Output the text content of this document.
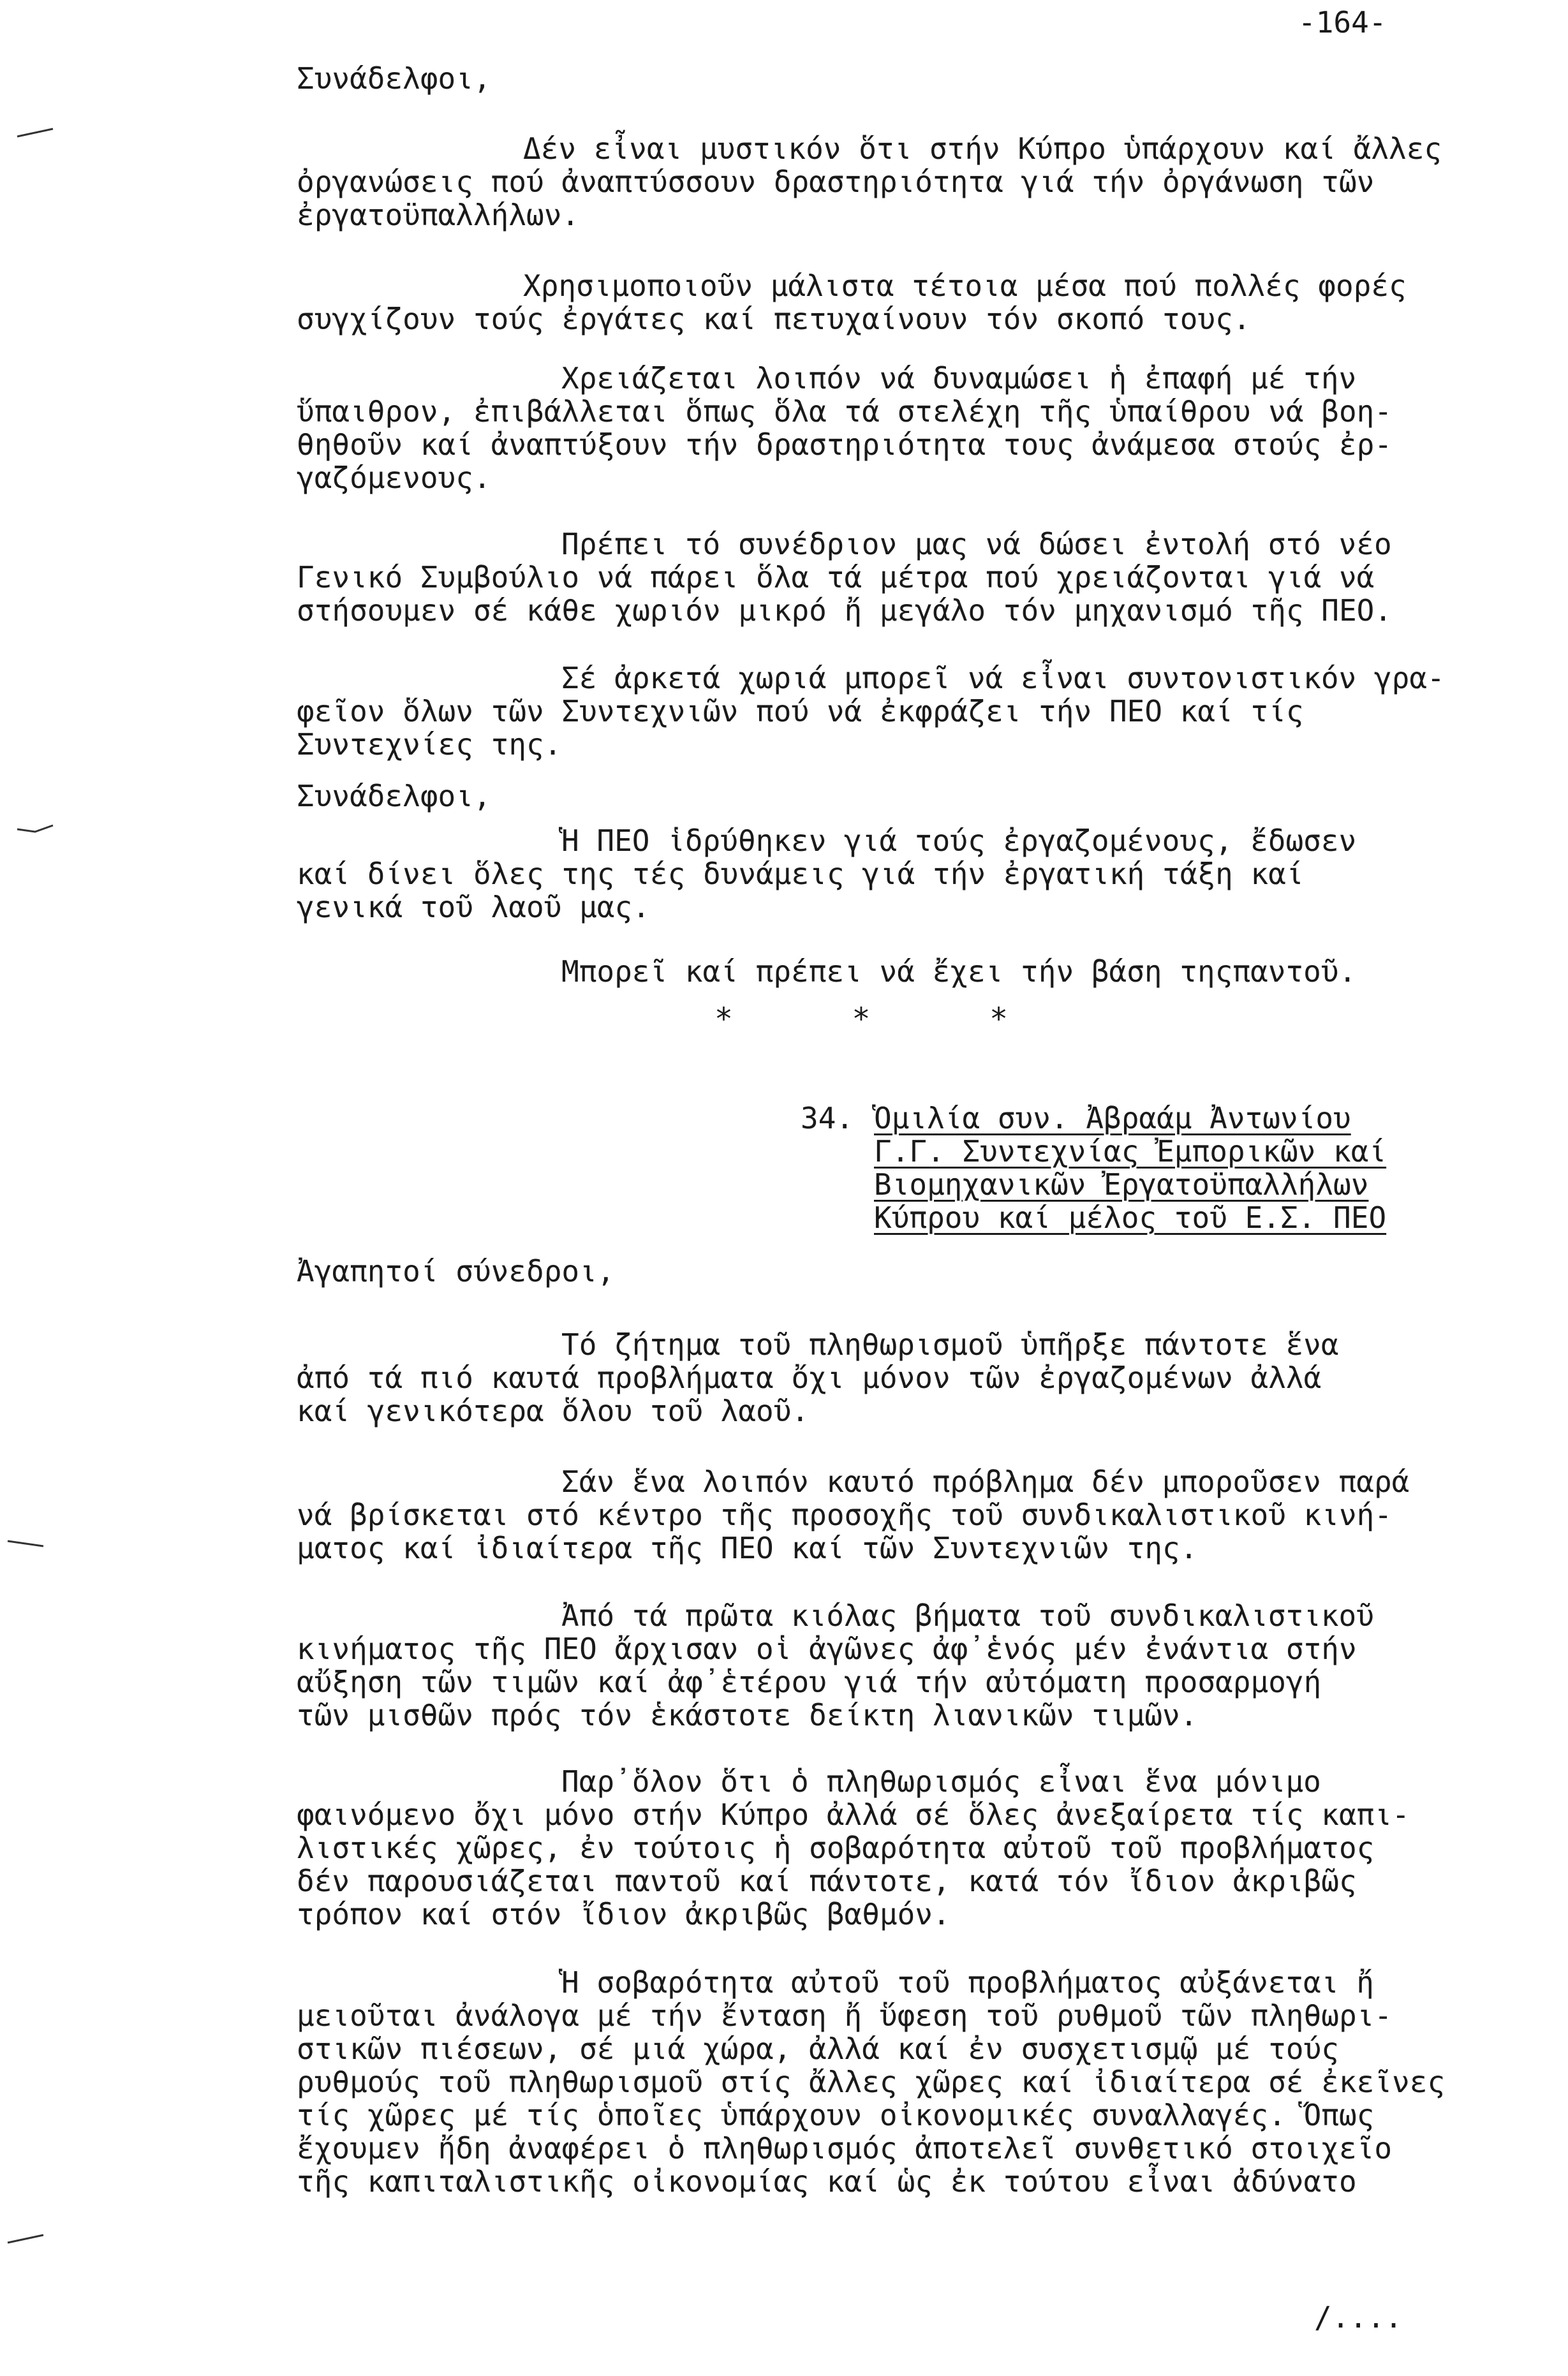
-164-
Συνάδελφοι,
Δέν εἶναι μυστικόν ὅτι στήν Κύπρο ὑπάρχουν καί ἄλλες
ὀργανώσεις πού ἀναπτύσσουν δραστηριότητα γιά τήν ὀργάνωση τῶν
ἐργατοϋπαλλήλων.
Χρησιμοποιοῦν μάλιστα τέτοια μέσα πού πολλές φορές
συγχίζουν τούς ἐργάτες καί πετυχαίνουν τόν σκοπό τους.
Χρειάζεται λοιπόν νά δυναμώσει ἡ ἐπαφή μέ τήν
ὕπαιθρον, ἐπιβάλλεται ὅπως ὅλα τά στελέχη τῆς ὑπαίθρου νά βοη-
θηθοῦν καί ἀναπτύξουν τήν δραστηριότητα τους ἀνάμεσα στούς ἐρ-
γαζόμενους.
Πρέπει τό συνέδριον μας νά δώσει ἐντολή στό νέο
Γενικό Συμβούλιο νά πάρει ὅλα τά μέτρα πού χρειάζονται γιά νά
στήσουμεν σέ κάθε χωριόν μικρό ἤ μεγάλο τόν μηχανισμό τῆς ΠΕΟ.
Σέ ἀρκετά χωριά μπορεῖ νά εἶναι συντονιστικόν γρα-
φεῖον ὅλων τῶν Συντεχνιῶν πού νά ἐκφράζει τήν ΠΕΟ καί τίς
Συντεχνίες της.
Συνάδελφοι,
Ἡ ΠΕΟ ἱδρύθηκεν γιά τούς ἐργαζομένους, ἔδωσεν
καί δίνει ὅλες της τές δυνάμεις γιά τήν ἐργατική τάξη καί
γενικά τοῦ λαοῦ μας.
Μπορεῖ καί πρέπει νά ἔχει τήν βάση τηςπαντοῦ.
34. Ὁμιλία συν. Ἀβραάμ Ἀντωνίου
Γ.Γ. Συντεχνίας Ἐμπορικῶν καί
Βιομηχανικῶν Ἐργατοϋπαλλήλων
Κύπρου καί μέλος τοῦ Ε.Σ. ΠΕΟ
Ἀγαπητοί σύνεδροι,
Τό ζήτημα τοῦ πληθωρισμοῦ ὑπῆρξε πάντοτε ἕνα
ἀπό τά πιό καυτά προβλήματα ὄχι μόνον τῶν ἐργαζομένων ἀλλά
καί γενικότερα ὅλου τοῦ λαοῦ.
Σάν ἕνα λοιπόν καυτό πρόβλημα δέν μποροῦσεν παρά
νά βρίσκεται στό κέντρο τῆς προσοχῆς τοῦ συνδικαλιστικοῦ κινή-
ματος καί ἰδιαίτερα τῆς ΠΕΟ καί τῶν Συντεχνιῶν της.
Ἀπό τά πρῶτα κιόλας βήματα τοῦ συνδικαλιστικοῦ
κινήματος τῆς ΠΕΟ ἄρχισαν οἱ ἀγῶνες ἀφ᾽ἑνός μέν ἐνάντια στήν
αὔξηση τῶν τιμῶν καί ἀφ᾽ἑτέρου γιά τήν αὐτόματη προσαρμογή
τῶν μισθῶν πρός τόν ἑκάστοτε δείκτη λιανικῶν τιμῶν.
Παρ᾽ὅλον ὅτι ὁ πληθωρισμός εἶναι ἕνα μόνιμο
φαινόμενο ὄχι μόνο στήν Κύπρο ἀλλά σέ ὅλες ἀνεξαίρετα τίς καπι-
λιστικές χῶρες, ἐν τούτοις ἡ σοβαρότητα αὐτοῦ τοῦ προβλήματος
δέν παρουσιάζεται παντοῦ καί πάντοτε, κατά τόν ἴδιον ἀκριβῶς
τρόπον καί στόν ἴδιον ἀκριβῶς βαθμόν.
Ἡ σοβαρότητα αὐτοῦ τοῦ προβλήματος αὐξάνεται ἤ
μειοῦται ἀνάλογα μέ τήν ἔνταση ἤ ὕφεση τοῦ ρυθμοῦ τῶν πληθωρι-
στικῶν πιέσεων, σέ μιά χώρα, ἀλλά καί ἐν συσχετισμῷ μέ τούς
ρυθμούς τοῦ πληθωρισμοῦ στίς ἄλλες χῶρες καί ἰδιαίτερα σέ ἐκεῖνες
τίς χῶρες μέ τίς ὁποῖες ὑπάρχουν οἰκονομικές συναλλαγές. Ὅπως
ἔχουμεν ἤδη ἀναφέρει ὁ πληθωρισμός ἀποτελεῖ συνθετικό στοιχεῖο
τῆς καπιταλιστικῆς οἰκονομίας καί ὡς ἐκ τούτου εἶναι ἀδύνατο
/....
*	*	*
